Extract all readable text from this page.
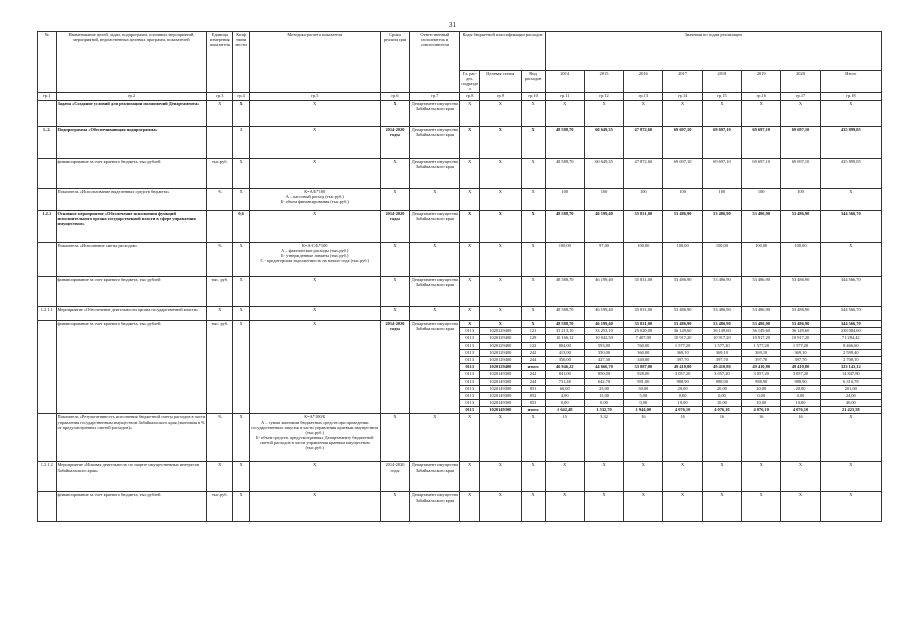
31
№	Наименование целей, задач, подпрограмм, основных мероприятий, мероприятий, ведомственных целевых программ, показателей	Единица измерения показателя	Коэф значи мости	Методика расчета показателя	Сроки реализа ции	Ответственный исполнитель и соисполнители	Коды бюджетной классификации расходов			Значения по годам реализации							
							Гл. рас-дел, подразде л	Целевая статья	Вид расходов	2014	2015	2016	2017	2018	2019	2020	Итого
гр.1	гр.2	гр.3	гр.4	гр.5	гр.6	гр.7	гр.8	гр.9	гр.10	гр.11	гр.12	гр.13	гр.14	гр.15	гр.16	гр.17	гр.18
	Задача «Создание условий для реализации полномочий Департамента»	Х	Х	Х	Х	Департамент имущества Забайкальского края	Х	Х	Х	Х	Х	Х	Х	Х	Х	Х	Х
1..2.	Подпрограмма «Обеспечивающая подпрограмма»		1	Х	2014-2020 годы	Департамент имущества Забайкальского края	Х	Х	Х	48 588,70	60 649,35	47 872,60	69 697,10	69 697,10	69 697,10	69 697,10	435 899,05
	финансирование за счет краевого бюджета, тыс.рублей	тыс.руб.	Х	Х	Х	Департамент имущества Забайкальского края	Х	Х	Х	48 588,70	60 649,35	47 872,60	69 697,10	69 697,10	69 697,10	69 697,10	435 899,05
	Показатель «Использование выделенных средств бюджета»	%	Х	К=А/Б*100
А – кассовый расход (тыс.руб.)
Б- объем финансирования (тыс.руб.)	Х	Х	Х	Х	Х	100	100	100	100	100	100	100	Х
1.2.1	Основное мероприятие «Обеспечение исполнения функций исполнительного органа государственной власти в сфере управления имуществом»		0,6	Х	2014-2020 годы	Департамент имущества Забайкальского края	Х	Х	Х	48 588,70	46 199,40	35 831,00	53 486,90	53 486,90	53 486,90	53 486,90	344 566,70
	Показатель «Исполнение сметы расходов»	%	Х	К=А-С/Б*100
А – фактические расходы (тыс.руб.)
Б- утвержденные лимиты (тыс.руб.)
С - кредиторская задолженность на начало года (тыс.руб.)	Х	Х	Х	Х	Х	100,00	97,00	100,00	100,00	100,00	100,00	100,00	Х
	финансирование за счет краевого бюджета, тыс рублей	тыс. руб.	Х	Х	Х	Департамент имущества Забайкальского края	Х	Х	Х	48 588,70	46 199,40	35 831,00	53 486,90	53 486,90	53 486,90	53 486,90	344 566,70
1.2.1.1	Мероприятие «Обеспечение деятельности органа государственной власти»	Х	Х	Х	Х	Х	Х	Х	Х	48 588,70	46 199,40	35 831,00	53 486,90	53 486,90	53 486,90	53 486,90	344 566,70
	финансирование за счет краевого бюджета, тыс рублей	тыс. руб.	Х	Х	2014-2020 годы	Департамент имущества Забайкальского края	Х	Х	Х	48 588,70	46 199,40	35 831,00	53 486,90	53 486,90	53 486,90	53 486,90	344 566,70
							0113	1020129400	121	35 213,10	33 253,10	25 020,00	36 149,60	36 149,60	36 149,60	36 149,60	238 084,60
							0113	1020129400	129	10 166,12	10 042,50	7 407,00	10 917,20	10 917,20	10 917,20	10 917,20	71 284,42
							0113	1020129400	122	804,00	593,80	760,00	1 577,20	1 577,20	1 577,20	1 577,20	8 466,60
							0113	1020129400	242	413,00	350,00	360,00	369,10	369,10	369,10	369,10	2 599,40
							0113	1020129400	244	350,00	427,30	340,00	397,70	397,70	397,70	397,70	2 708,10
							0113	1020129400	итого	46 946,22	44 666,70	33 887,00	49 410,80	49 410,80	49 410,80	49 410,80	323 143,12
							0113	1020149300	242	841,00	850,00	928,00	3 057,20	3 057,20	3 057,20	3 057,20	14 847,80
							0113	1020149300	244	731,48	642,70	981,00	988,90	988,90	988,90	988,90	6 310,78
							0113	1020149300	851	66,00	25,00	30,00	20,00	20,00	20,00	20,00	201,00
							0113	1020149300	852	4,00	15,00	5,00	0,00	0,00	0,00	0,00	24,00
							0113	1020149300	853	0,00	0,00	0,00	10,00	10,00	10,00	10,00	40,00
							0113	1020149300	итого	1 642,48	1 532,70	1 944,00	4 076,10	4 076,10	4 076,10	4 076,10	21 423,58
	Показатель «Результативность исполнения бюджетной сметы расходов в части управления государственным имуществом Забайкальского края (экономия в % от предусмотренных сметой расходов)»	%	Х	К=А*100/Б
А – сумма экономии бюджетных средств при проведении государственных закупок в части управления краевым имуществом (тыс.руб.)
Б- объем средств, предусмотренных Департаменту бюджетной сметой расходов в части управления краевым имуществом (тыс.руб.)	Х	Х	Х	Х	Х	15	3,32	16	16	16	16	16	Х
1.2.1.2	Мероприятие «Исковая деятельность по защите имущественных интересов Забайкальского края»	Х	Х	Х	2014-2020 годы	Департамент имущества Забайкальского края	Х	Х	Х	Х	Х	Х	Х	Х	Х	Х	Х
	финансирование за счет краевого бюджета, тыс.рублей	тыс.руб.	Х	Х	Х	Департамент имущества Забайкальского края	Х	Х	Х	Х	Х	Х	Х	Х	Х	Х	Х
